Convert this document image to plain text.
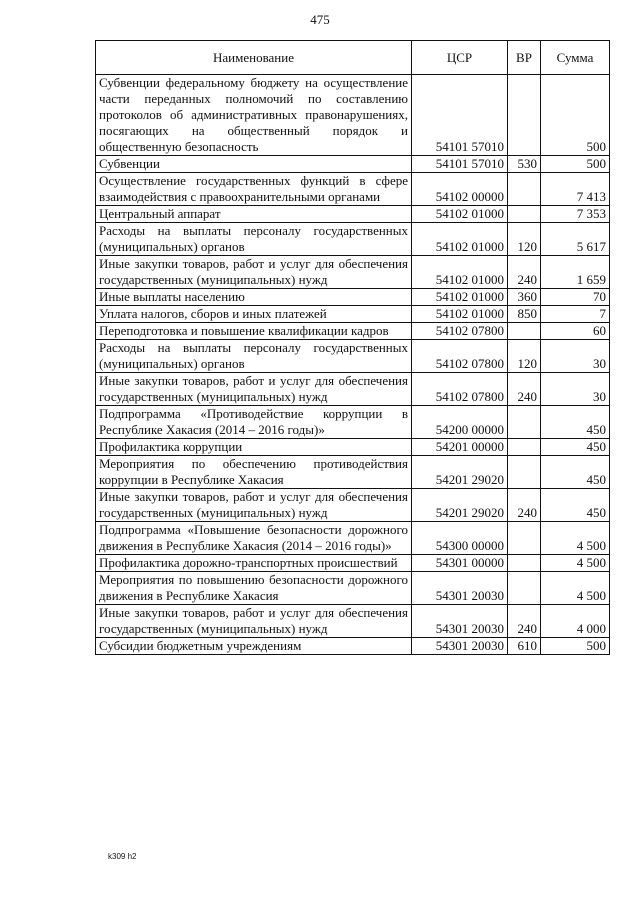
475
Наименование	ЦСР	ВР	Сумма
Субвенции федеральному бюджету на осуществление части переданных полномочий по составлению протоколов об административных правонарушениях, посягающих на общественный порядок и общественную безопасность	54101 57010		500
Субвенции	54101 57010	530	500
Осуществление государственных функций в сфере взаимодействия с правоохранительными органами	54102 00000		7 413
Центральный аппарат	54102 01000		7 353
Расходы на выплаты персоналу государственных (муниципальных) органов	54102 01000	120	5 617
Иные закупки товаров, работ и услуг для обеспечения государственных (муниципальных) нужд	54102 01000	240	1 659
Иные выплаты населению	54102 01000	360	70
Уплата налогов, сборов и иных платежей	54102 01000	850	7
Переподготовка и повышение квалификации кадров	54102 07800		60
Расходы на выплаты персоналу государственных (муниципальных) органов	54102 07800	120	30
Иные закупки товаров, работ и услуг для обеспечения государственных (муниципальных) нужд	54102 07800	240	30
Подпрограмма «Противодействие коррупции в Республике Хакасия (2014 – 2016 годы)»	54200 00000		450
Профилактика коррупции	54201 00000		450
Мероприятия по обеспечению противодействия коррупции в Республике Хакасия	54201 29020		450
Иные закупки товаров, работ и услуг для обеспечения государственных (муниципальных) нужд	54201 29020	240	450
Подпрограмма «Повышение безопасности дорожного движения в Республике Хакасия (2014 – 2016 годы)»	54300 00000		4 500
Профилактика дорожно-транспортных происшествий	54301 00000		4 500
Мероприятия по повышению безопасности дорожного движения в Республике Хакасия	54301 20030		4 500
Иные закупки товаров, работ и услуг для обеспечения государственных (муниципальных) нужд	54301 20030	240	4 000
Субсидии бюджетным учреждениям	54301 20030	610	500
k309 h2
